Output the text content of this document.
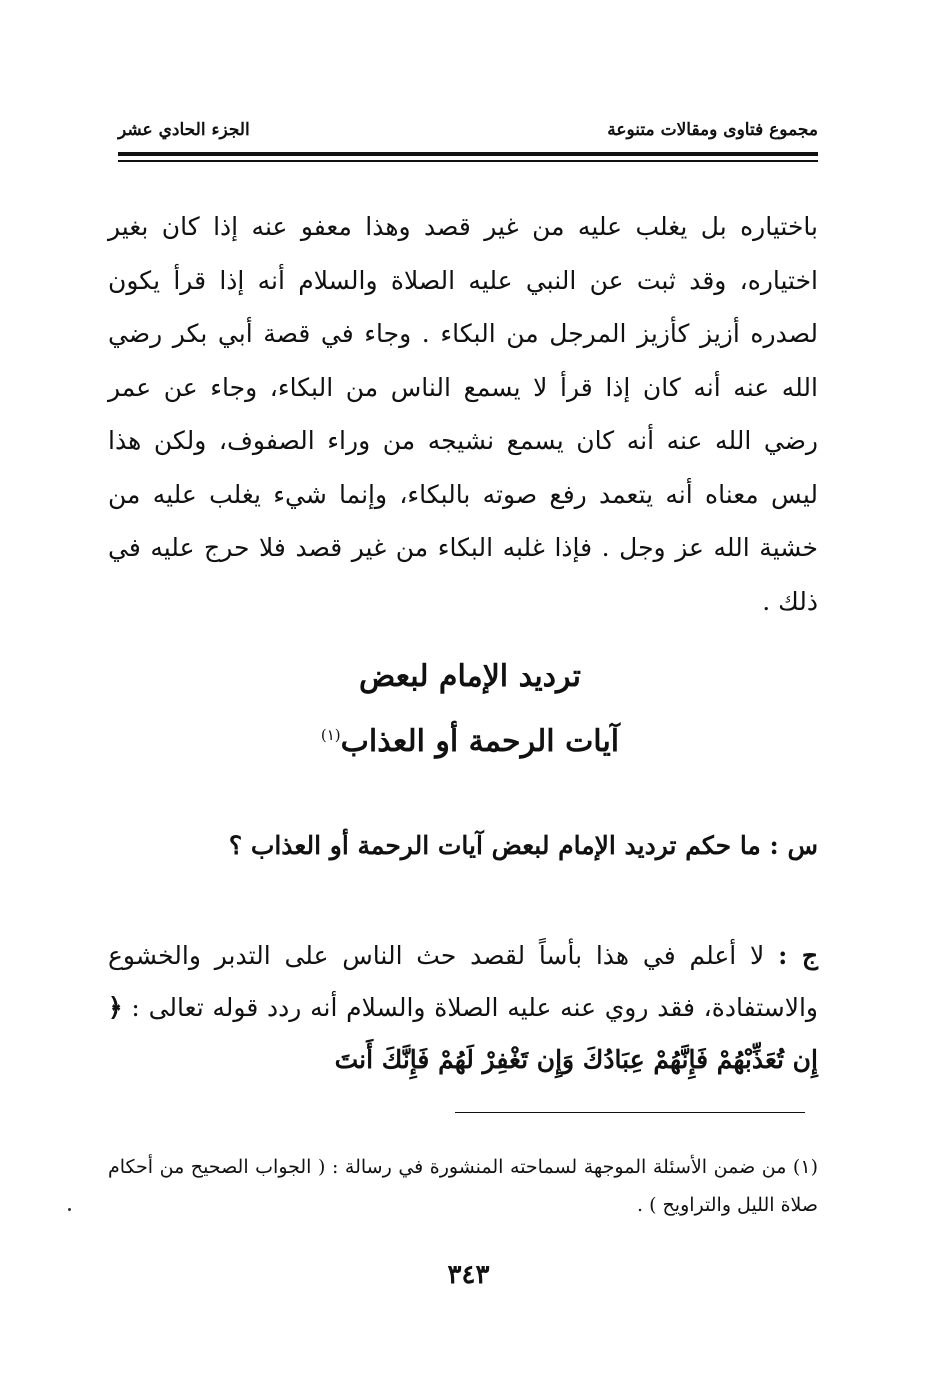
مجموع فتاوى ومقالات متنوعة
الجزء الحادي عشر
باختياره بل يغلب عليه من غير قصد وهذا معفو عنه إذا كان بغير اختياره، وقد ثبت عن النبي عليه الصلاة والسلام أنه إذا قرأ يكون لصدره أزيز كأزيز المرجل من البكاء . وجاء في قصة أبي بكر رضي الله عنه أنه كان إذا قرأ لا يسمع الناس من البكاء، وجاء عن عمر رضي الله عنه أنه كان يسمع نشيجه من وراء الصفوف، ولكن هذا ليس معناه أنه يتعمد رفع صوته بالبكاء، وإنما شيء يغلب عليه من خشية الله عز وجل . فإذا غلبه البكاء من غير قصد فلا حرج عليه في ذلك .
ترديد الإمام لبعض
آيات الرحمة أو العذاب$^{(١)}$
س : ما حكم ترديد الإمام لبعض آيات الرحمة أو العذاب ؟
ج : لا أعلم في هذا بأساً لقصد حث الناس على التدبر والخشوع والاستفادة، فقد روي عنه عليه الصلاة والسلام أنه ردد قوله تعالى : ﴿ إِن تُعَذِّبْهُمْ فَإِنَّهُمْ عِبَادُكَ وَإِن تَغْفِرْ لَهُمْ فَإِنَّكَ أَنتَ
(١) من ضمن الأسئلة الموجهة لسماحته المنشورة في رسالة : ( الجواب الصحيح من أحكام صلاة الليل والتراويح ) .
٣٤٣
